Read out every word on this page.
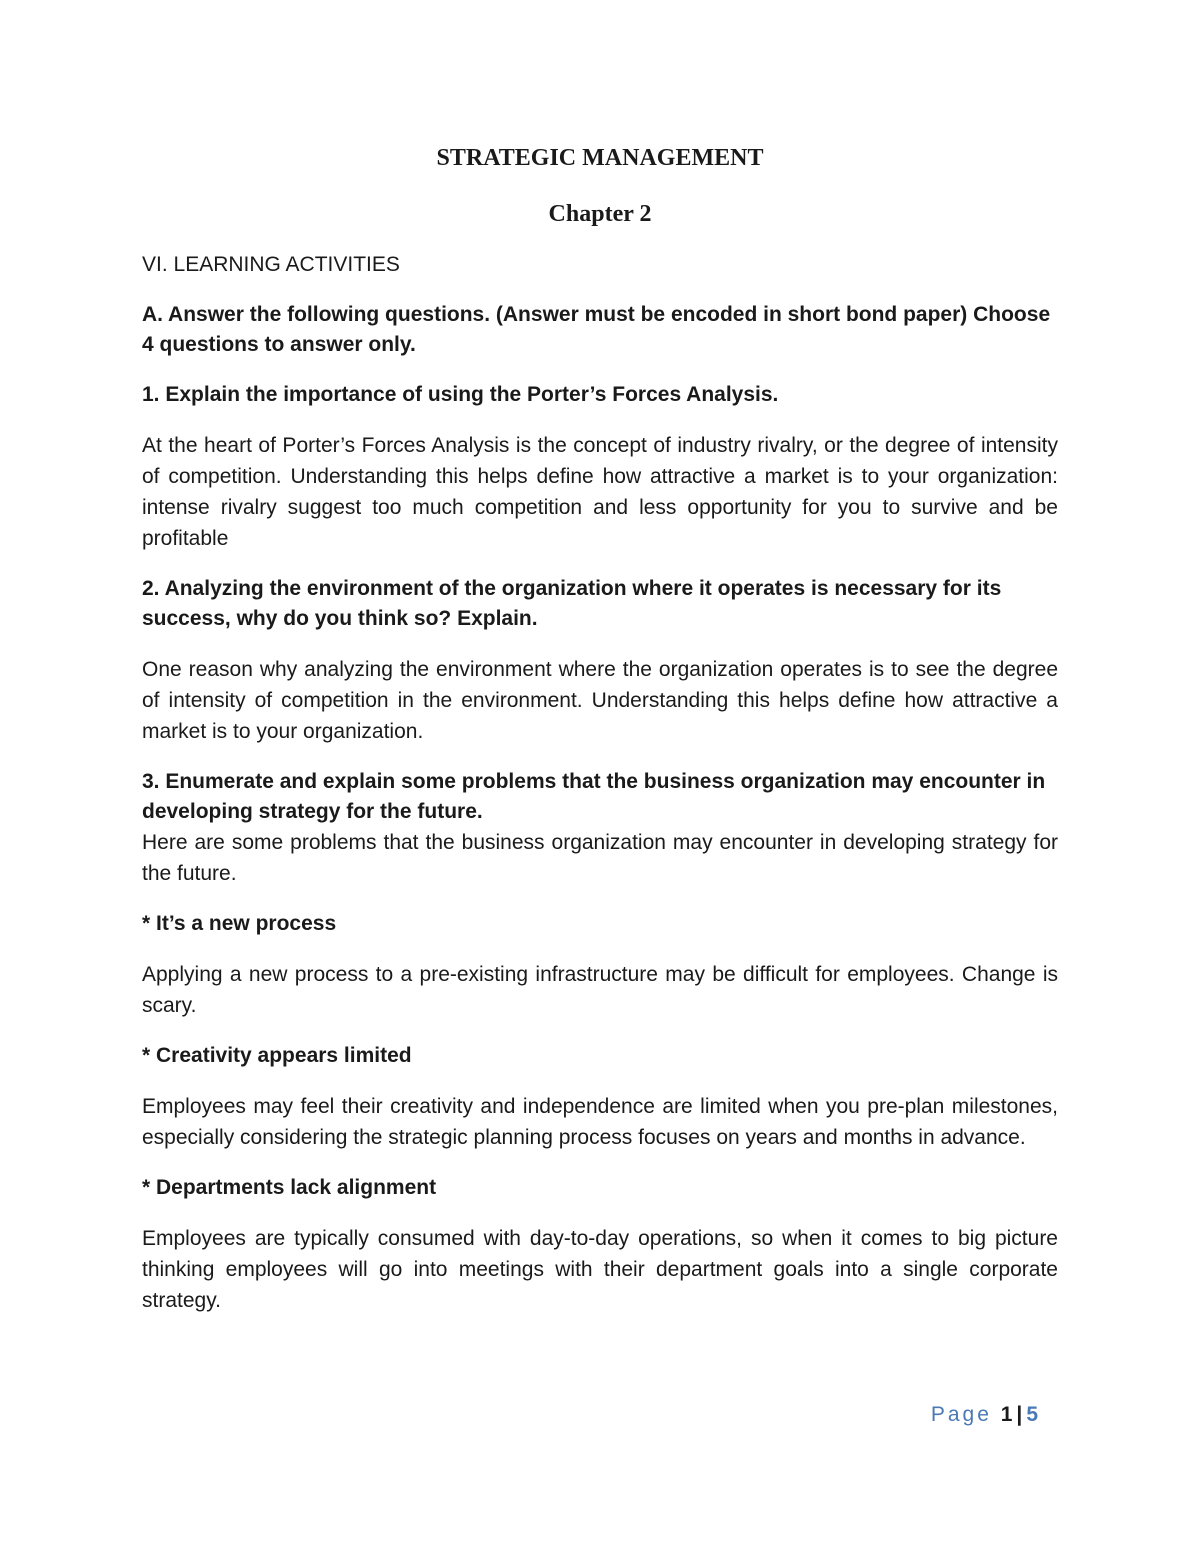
STRATEGIC MANAGEMENT
Chapter 2

VI. LEARNING ACTIVITIES

A. Answer the following questions. (Answer must be encoded in short bond paper) Choose 4 questions to answer only.

1. Explain the importance of using the Porter’s Forces Analysis.

At the heart of Porter’s Forces Analysis is the concept of industry rivalry, or the degree of intensity of competition. Understanding this helps define how attractive a market is to your organization: intense rivalry suggest too much competition and less opportunity for you to survive and be profitable

2. Analyzing the environment of the organization where it operates is necessary for its success, why do you think so? Explain.

One reason why analyzing the environment where the organization operates is to see the degree of intensity of competition in the environment. Understanding this helps define how attractive a market is to your organization.

3. Enumerate and explain some problems that the business organization may encounter in developing strategy for the future.

Here are some problems that the business organization may encounter in developing strategy for the future.

* It’s a new process

Applying a new process to a pre-existing infrastructure may be difficult for employees. Change is scary.

* Creativity appears limited

Employees may feel their creativity and independence are limited when you pre-plan milestones, especially considering the strategic planning process focuses on years and months in advance.

* Departments lack alignment

Employees are typically consumed with day-to-day operations, so when it comes to big picture thinking employees will go into meetings with their department goals into a single corporate strategy.

Page 1 | 5
